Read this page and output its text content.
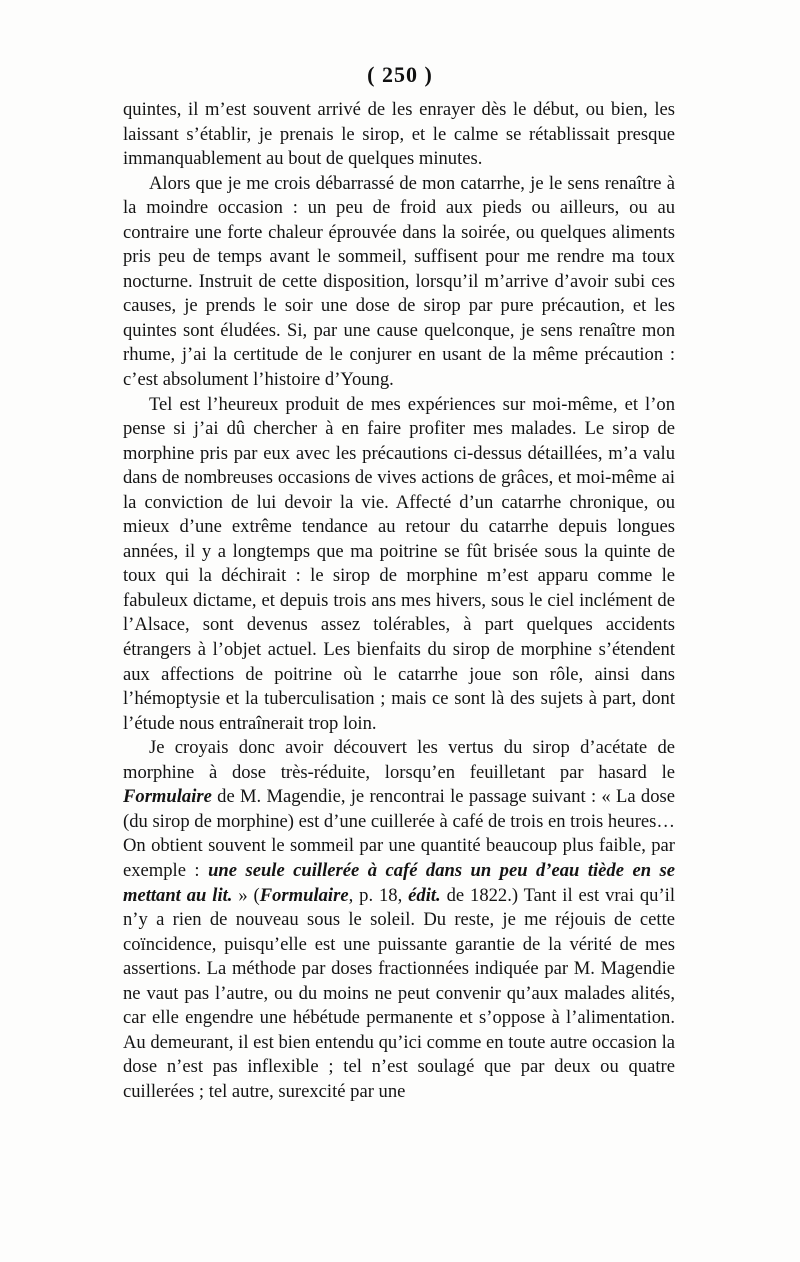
( 250 )

quintes, il m’est souvent arrivé de les enrayer dès le début, ou bien, les laissant s’établir, je prenais le sirop, et le calme se rétablissait presque immanquablement au bout de quelques minutes.

Alors que je me crois débarrassé de mon catarrhe, je le sens renaître à la moindre occasion : un peu de froid aux pieds ou ailleurs, ou au contraire une forte chaleur éprouvée dans la soirée, ou quelques aliments pris peu de temps avant le sommeil, suffisent pour me rendre ma toux nocturne. Instruit de cette disposition, lorsqu’il m’arrive d’avoir subi ces causes, je prends le soir une dose de sirop par pure précaution, et les quintes sont éludées. Si, par une cause quelconque, je sens renaître mon rhume, j’ai la certitude de le conjurer en usant de la même précaution : c’est absolument l’histoire d’Young.

Tel est l’heureux produit de mes expériences sur moi-même, et l’on pense si j’ai dû chercher à en faire profiter mes malades. Le sirop de morphine pris par eux avec les précautions ci-dessus détaillées, m’a valu dans de nombreuses occasions de vives actions de grâces, et moi-même ai la conviction de lui devoir la vie. Affecté d’un catarrhe chronique, ou mieux d’une extrême tendance au retour du catarrhe depuis longues années, il y a longtemps que ma poitrine se fût brisée sous la quinte de toux qui la déchirait : le sirop de morphine m’est apparu comme le fabuleux dictame, et depuis trois ans mes hivers, sous le ciel inclément de l’Alsace, sont devenus assez tolérables, à part quelques accidents étrangers à l’objet actuel. Les bienfaits du sirop de morphine s’étendent aux affections de poitrine où le catarrhe joue son rôle, ainsi dans l’hémoptysie et la tuberculisation ; mais ce sont là des sujets à part, dont l’étude nous entraînerait trop loin.

Je croyais donc avoir découvert les vertus du sirop d’acétate de morphine à dose très-réduite, lorsqu’en feuilletant par hasard le Formulaire de M. Magendie, je rencontrai le passage suivant : « La dose (du sirop de morphine) est d’une cuillerée à café de trois en trois heures… On obtient souvent le sommeil par une quantité beaucoup plus faible, par exemple : une seule cuillerée à café dans un peu d’eau tiède en se mettant au lit. » (Formulaire, p. 18, édit. de 1822.) Tant il est vrai qu’il n’y a rien de nouveau sous le soleil. Du reste, je me réjouis de cette coïncidence, puisqu’elle est une puissante garantie de la vérité de mes assertions. La méthode par doses fractionnées indiquée par M. Magendie ne vaut pas l’autre, ou du moins ne peut convenir qu’aux malades alités, car elle engendre une hébétude permanente et s’oppose à l’alimentation. Au demeurant, il est bien entendu qu’ici comme en toute autre occasion la dose n’est pas inflexible ; tel n’est soulagé que par deux ou quatre cuillerées ; tel autre, surexcité par une
